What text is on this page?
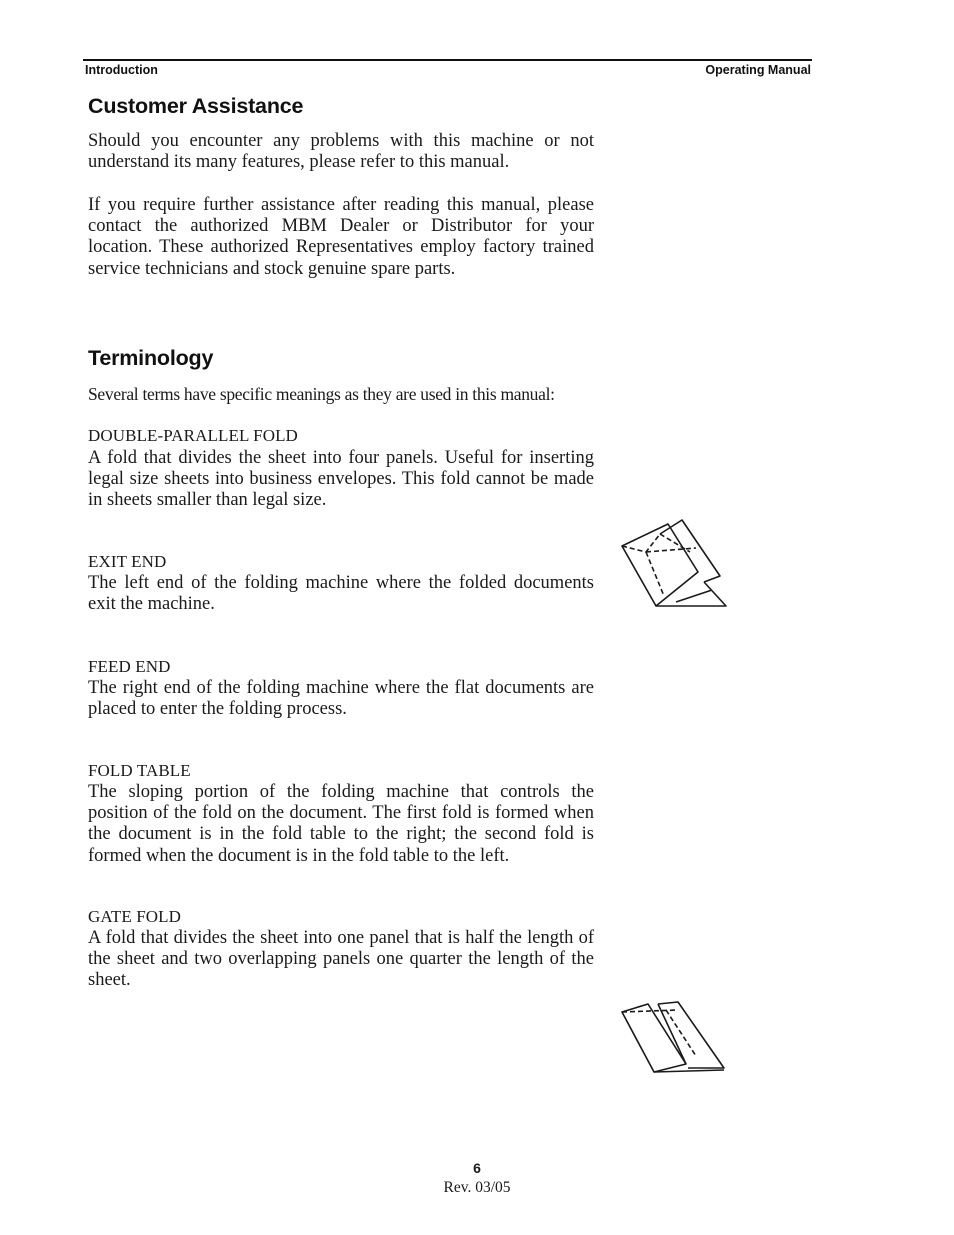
Introduction	Operating Manual
Customer Assistance

Should you encounter any problems with this machine or not understand its many features, please refer to this manual.

If you require further assistance after reading this manual, please contact the authorized MBM Dealer or Distributor for your location. These authorized Representatives employ factory trained service technicians and stock genuine spare parts.

Terminology

Several terms have specific meanings as they are used in this manual:

DOUBLE-PARALLEL FOLD

A fold that divides the sheet into four panels. Useful for inserting legal size sheets into business envelopes. This fold cannot be made in sheets smaller than legal size.

EXIT END

The left end of the folding machine where the folded documents exit the machine.

FEED END

The right end of the folding machine where the flat documents are placed to enter the folding process.

FOLD TABLE

The sloping portion of the folding machine that controls the position of the fold on the document. The first fold is formed when the document is in the fold table to the right; the second fold is formed when the document is in the fold table to the left.

GATE FOLD

A fold that divides the sheet into one panel that is half the length of the sheet and two overlapping panels one quarter the length of the sheet.

6
Rev. 03/05
